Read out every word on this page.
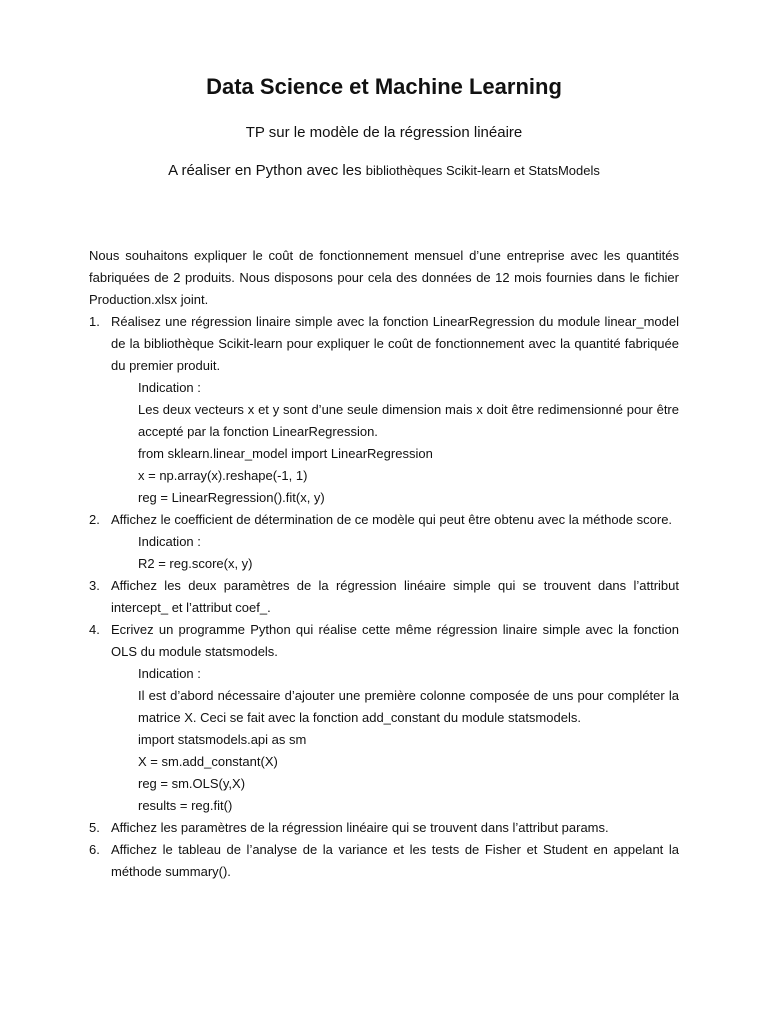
Data Science et Machine Learning
TP sur le modèle de la régression linéaire
A réaliser en Python avec les bibliothèques Scikit-learn et StatsModels

Nous souhaitons expliquer le coût de fonctionnement mensuel d’une entreprise avec les quantités fabriquées de 2 produits. Nous disposons pour cela des données de 12 mois fournies dans le fichier Production.xlsx joint.

1. Réalisez une régression linaire simple avec la fonction LinearRegression du module linear_model de la bibliothèque Scikit-learn pour expliquer le coût de fonctionnement avec la quantité fabriquée du premier produit.
Indication :
Les deux vecteurs x et y sont d’une seule dimension mais x doit être redimensionné pour être accepté par la fonction LinearRegression.
from sklearn.linear_model import LinearRegression
x = np.array(x).reshape(-1, 1)
reg = LinearRegression().fit(x, y)
2. Affichez le coefficient de détermination de ce modèle qui peut être obtenu avec la méthode score.
Indication :
R2 = reg.score(x, y)
3. Affichez les deux paramètres de la régression linéaire simple qui se trouvent dans l’attribut intercept_ et l’attribut coef_.
4. Ecrivez un programme Python qui réalise cette même régression linaire simple avec la fonction OLS du module statsmodels.
Indication :
Il est d’abord nécessaire d’ajouter une première colonne composée de uns pour compléter la matrice X. Ceci se fait avec la fonction add_constant du module statsmodels.
import statsmodels.api as sm
X = sm.add_constant(X)
reg = sm.OLS(y,X)
results = reg.fit()
5. Affichez les paramètres de la régression linéaire qui se trouvent dans l’attribut params.
6. Affichez le tableau de l’analyse de la variance et les tests de Fisher et Student en appelant la méthode summary().
